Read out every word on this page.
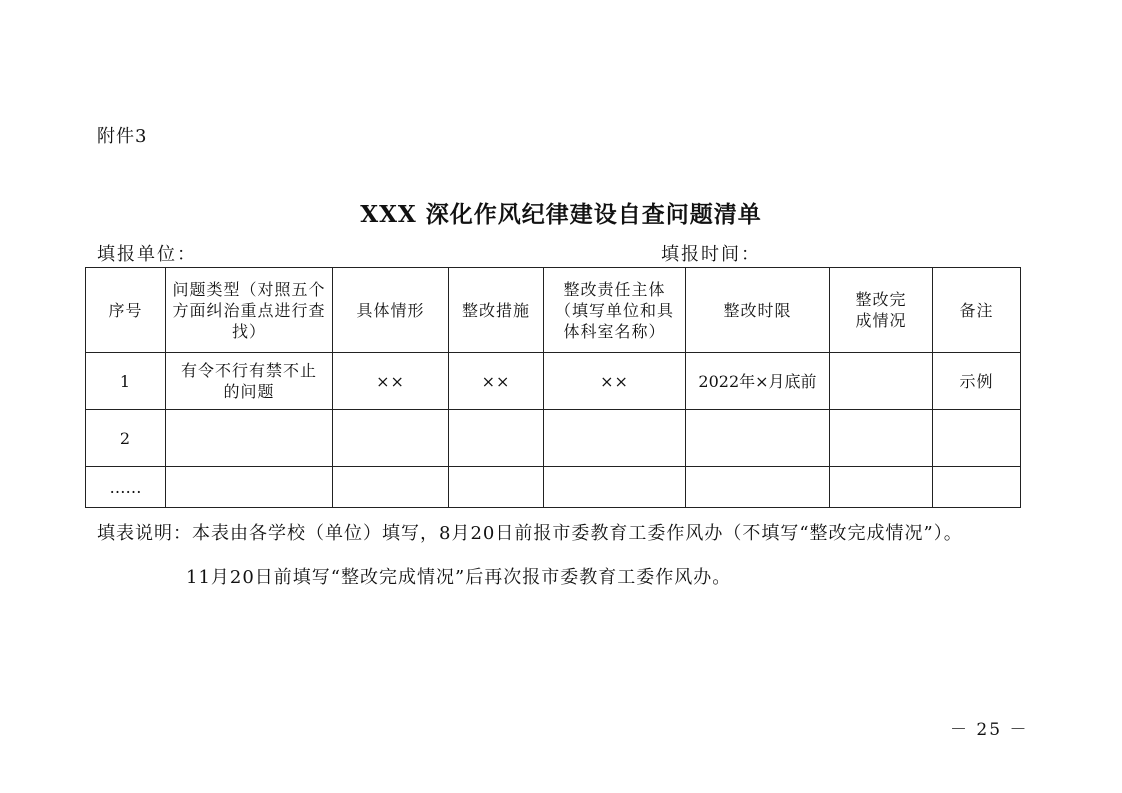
附件3
XXX 深化作风纪律建设自查问题清单
填报单位：	填报时间：
序号	问题类型（对照五个方面纠治重点进行查找）	具体情形	整改措施	整改责任主体（填写单位和具体科室名称）	整改时限	整改完成情况	备注
1	有令不行有禁不止的问题	××	××	××	2022年×月底前		示例
2							
……							
填表说明：本表由各学校（单位）填写，8月20日前报市委教育工委作风办（不填写“整改完成情况”）。
11月20日前填写“整改完成情况”后再次报市委教育工委作风办。
－ 25 －
